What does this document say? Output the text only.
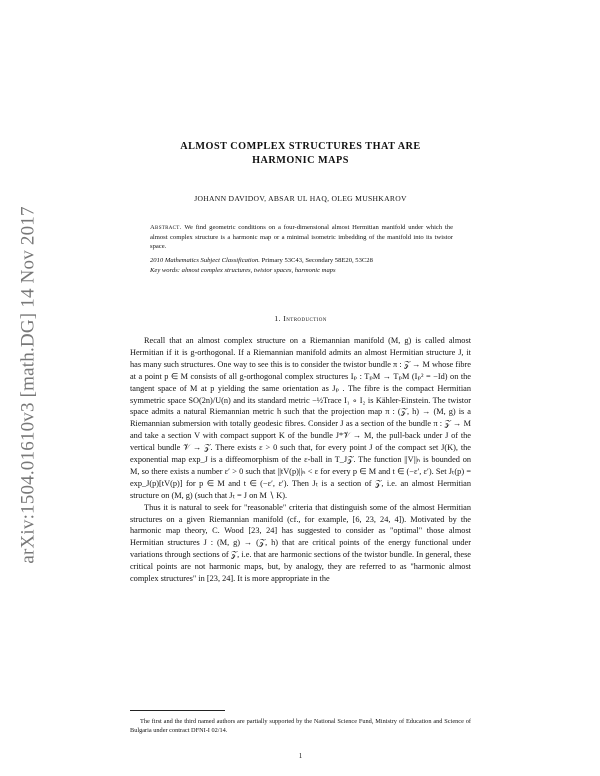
arXiv:1504.01610v3 [math.DG] 14 Nov 2017
ALMOST COMPLEX STRUCTURES THAT ARE HARMONIC MAPS
JOHANN DAVIDOV, ABSAR UL HAQ, OLEG MUSHKAROV

Abstract. We find geometric conditions on a four-dimensional almost Hermitian manifold under which the almost complex structure is a harmonic map or a minimal isometric imbedding of the manifold into its twistor space.

2010 Mathematics Subject Classification. Primary 53C43, Secondary 58E20, 53C28

Key words: almost complex structures, twistor spaces, harmonic maps

1. Introduction

Recall that an almost complex structure on a Riemannian manifold (M, g) is called almost Hermitian if it is g-orthogonal. If a Riemannian manifold admits an almost Hermitian structure J, it has many such structures. One way to see this is to consider the twistor bundle π : 𝒵 → M whose fibre at a point p ∈ M consists of all g-orthogonal complex structures Iₚ : TₚM → TₚM (Iₚ² = −Id) on the tangent space of M at p yielding the same orientation as Jₚ . The fibre is the compact Hermitian symmetric space SO(2n)/U(n) and its standard metric −½Trace I₁ ∘ I₂ is Kähler-Einstein. The twistor space admits a natural Riemannian metric h such that the projection map π : (𝒵, h) → (M, g) is a Riemannian submersion with totally geodesic fibres. Consider J as a section of the bundle π : 𝒵 → M and take a section V with compact support K of the bundle J*𝒱 → M, the pull-back under J of the vertical bundle 𝒱 → 𝒵. There exists ε > 0 such that, for every point J of the compact set J(K), the exponential map exp_J is a diffeomorphism of the ε-ball in T_J𝒵. The function ||V||ₕ is bounded on M, so there exists a number ε′ > 0 such that ||tV(p)||ₕ < ε for every p ∈ M and t ∈ (−ε′, ε′). Set Jₜ(p) = exp_J(p)[tV(p)] for p ∈ M and t ∈ (−ε′, ε′). Then Jₜ is a section of 𝒵, i.e. an almost Hermitian structure on (M, g) (such that Jₜ = J on M ∖ K).

Thus it is natural to seek for "reasonable" criteria that distinguish some of the almost Hermitian structures on a given Riemannian manifold (cf., for example, [6, 23, 24, 4]). Motivated by the harmonic map theory, C. Wood [23, 24] has suggested to consider as "optimal" those almost Hermitian structures J : (M, g) → (𝒵, h) that are critical points of the energy functional under variations through sections of 𝒵, i.e. that are harmonic sections of the twistor bundle. In general, these critical points are not harmonic maps, but, by analogy, they are referred to as "harmonic almost complex structures" in [23, 24]. It is more appropriate in the

The first and the third named authors are partially supported by the National Science Fund, Ministry of Education and Science of Bulgaria under contract DFNI-I 02/14.
1
